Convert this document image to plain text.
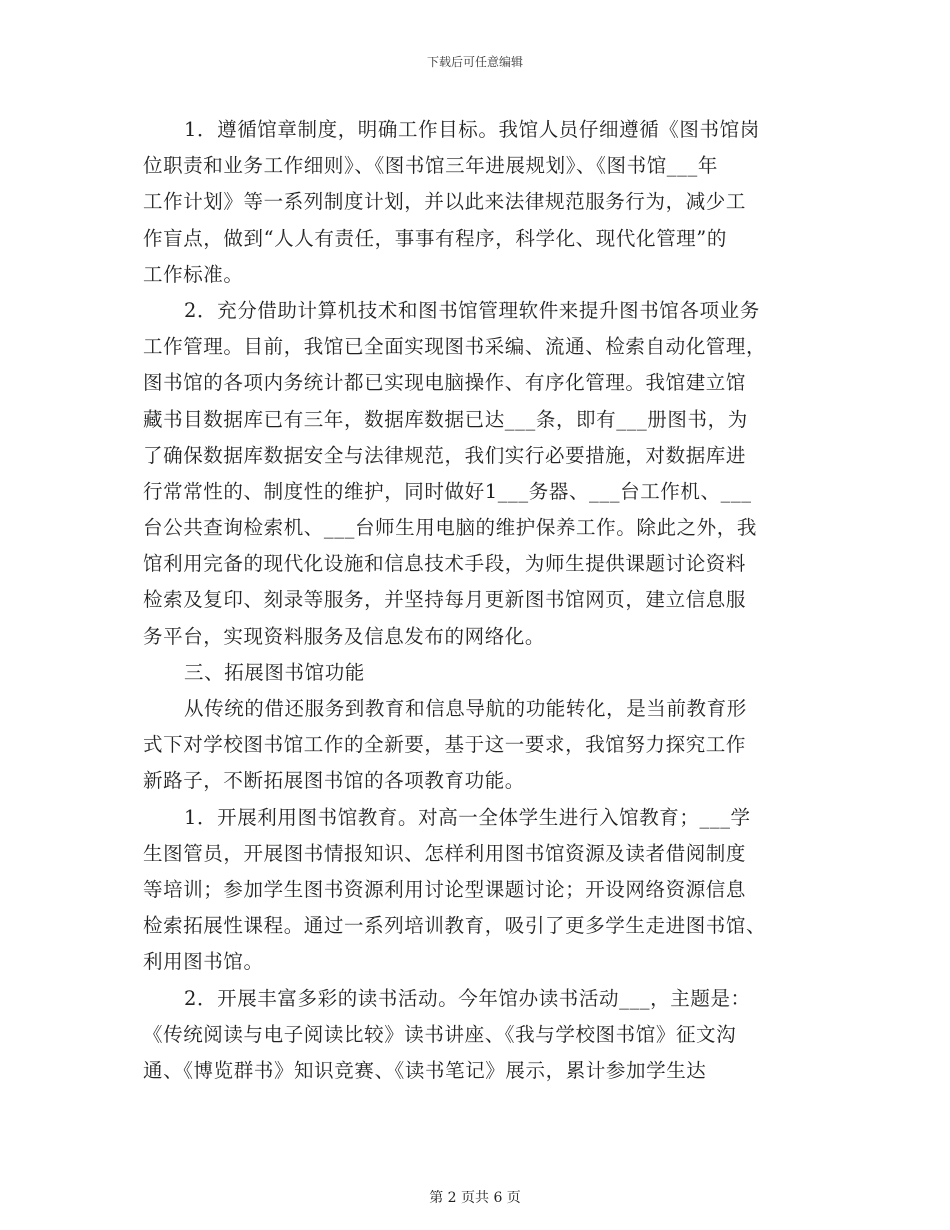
下载后可任意编辑
1．遵循馆章制度，明确工作目标。我馆人员仔细遵循《图书馆岗
位职责和业务工作细则》、《图书馆三年进展规划》、《图书馆___年
工作计划》等一系列制度计划，并以此来法律规范服务行为，减少工
作盲点，做到“人人有责任，事事有程序，科学化、现代化管理”的
工作标准。
2．充分借助计算机技术和图书馆管理软件来提升图书馆各项业务
工作管理。目前，我馆已全面实现图书采编、流通、检索自动化管理，
图书馆的各项内务统计都已实现电脑操作、有序化管理。我馆建立馆
藏书目数据库已有三年，数据库数据已达___条，即有___册图书，为
了确保数据库数据安全与法律规范，我们实行必要措施，对数据库进
行常常性的、制度性的维护，同时做好1___务器、___台工作机、___
台公共查询检索机、___台师生用电脑的维护保养工作。除此之外，我
馆利用完备的现代化设施和信息技术手段，为师生提供课题讨论资料
检索及复印、刻录等服务，并坚持每月更新图书馆网页，建立信息服
务平台，实现资料服务及信息发布的网络化。
三、拓展图书馆功能
从传统的借还服务到教育和信息导航的功能转化，是当前教育形
式下对学校图书馆工作的全新要，基于这一要求，我馆努力探究工作
新路子，不断拓展图书馆的各项教育功能。
1．开展利用图书馆教育。对高一全体学生进行入馆教育；___学
生图管员，开展图书情报知识、怎样利用图书馆资源及读者借阅制度
等培训；参加学生图书资源利用讨论型课题讨论；开设网络资源信息
检索拓展性课程。通过一系列培训教育，吸引了更多学生走进图书馆、
利用图书馆。
2．开展丰富多彩的读书活动。今年馆办读书活动___，主题是：
《传统阅读与电子阅读比较》读书讲座、《我与学校图书馆》征文沟
通、《博览群书》知识竞赛、《读书笔记》展示，累计参加学生达
第 2 页共 6 页
